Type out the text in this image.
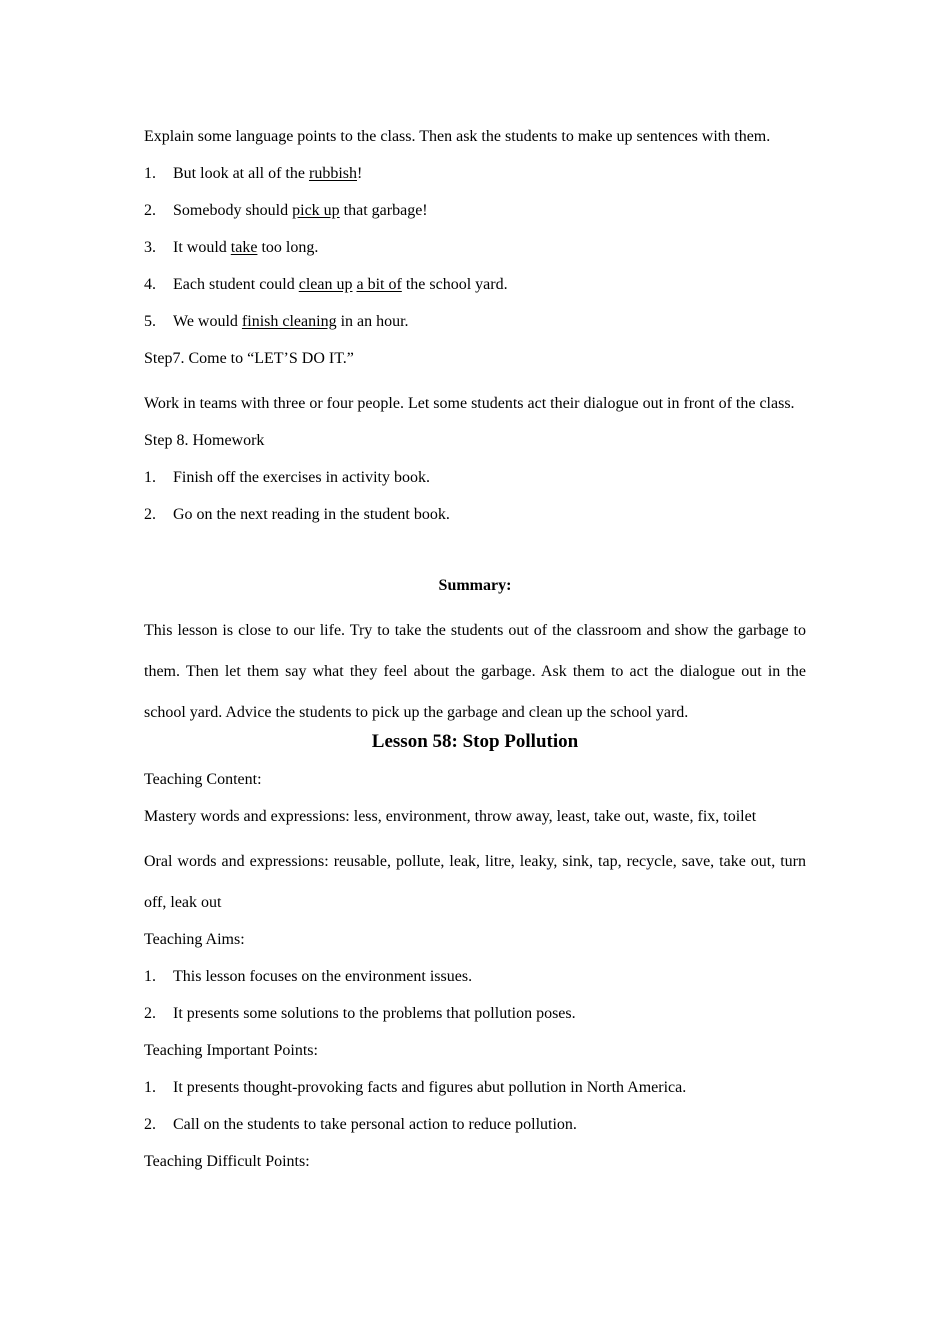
Explain some language points to the class. Then ask the students to make up sentences with them.
1. But look at all of the rubbish!
2. Somebody should pick up that garbage!
3. It would take too long.
4. Each student could clean up a bit of the school yard.
5. We would finish cleaning in an hour.
Step7. Come to “LET’S DO IT.”
Work in teams with three or four people. Let some students act their dialogue out in front of the class.
Step 8. Homework
1. Finish off the exercises in activity book.
2. Go on the next reading in the student book.
Summary:
This lesson is close to our life. Try to take the students out of the classroom and show the garbage to them. Then let them say what they feel about the garbage. Ask them to act the dialogue out in the school yard. Advice the students to pick up the garbage and clean up the school yard.
Lesson 58: Stop Pollution
Teaching Content:
Mastery words and expressions: less, environment, throw away, least, take out, waste, fix, toilet
Oral words and expressions: reusable, pollute, leak, litre, leaky, sink, tap, recycle, save, take out, turn off, leak out
Teaching Aims:
1. This lesson focuses on the environment issues.
2. It presents some solutions to the problems that pollution poses.
Teaching Important Points:
1. It presents thought-provoking facts and figures abut pollution in North America.
2. Call on the students to take personal action to reduce pollution.
Teaching Difficult Points:
